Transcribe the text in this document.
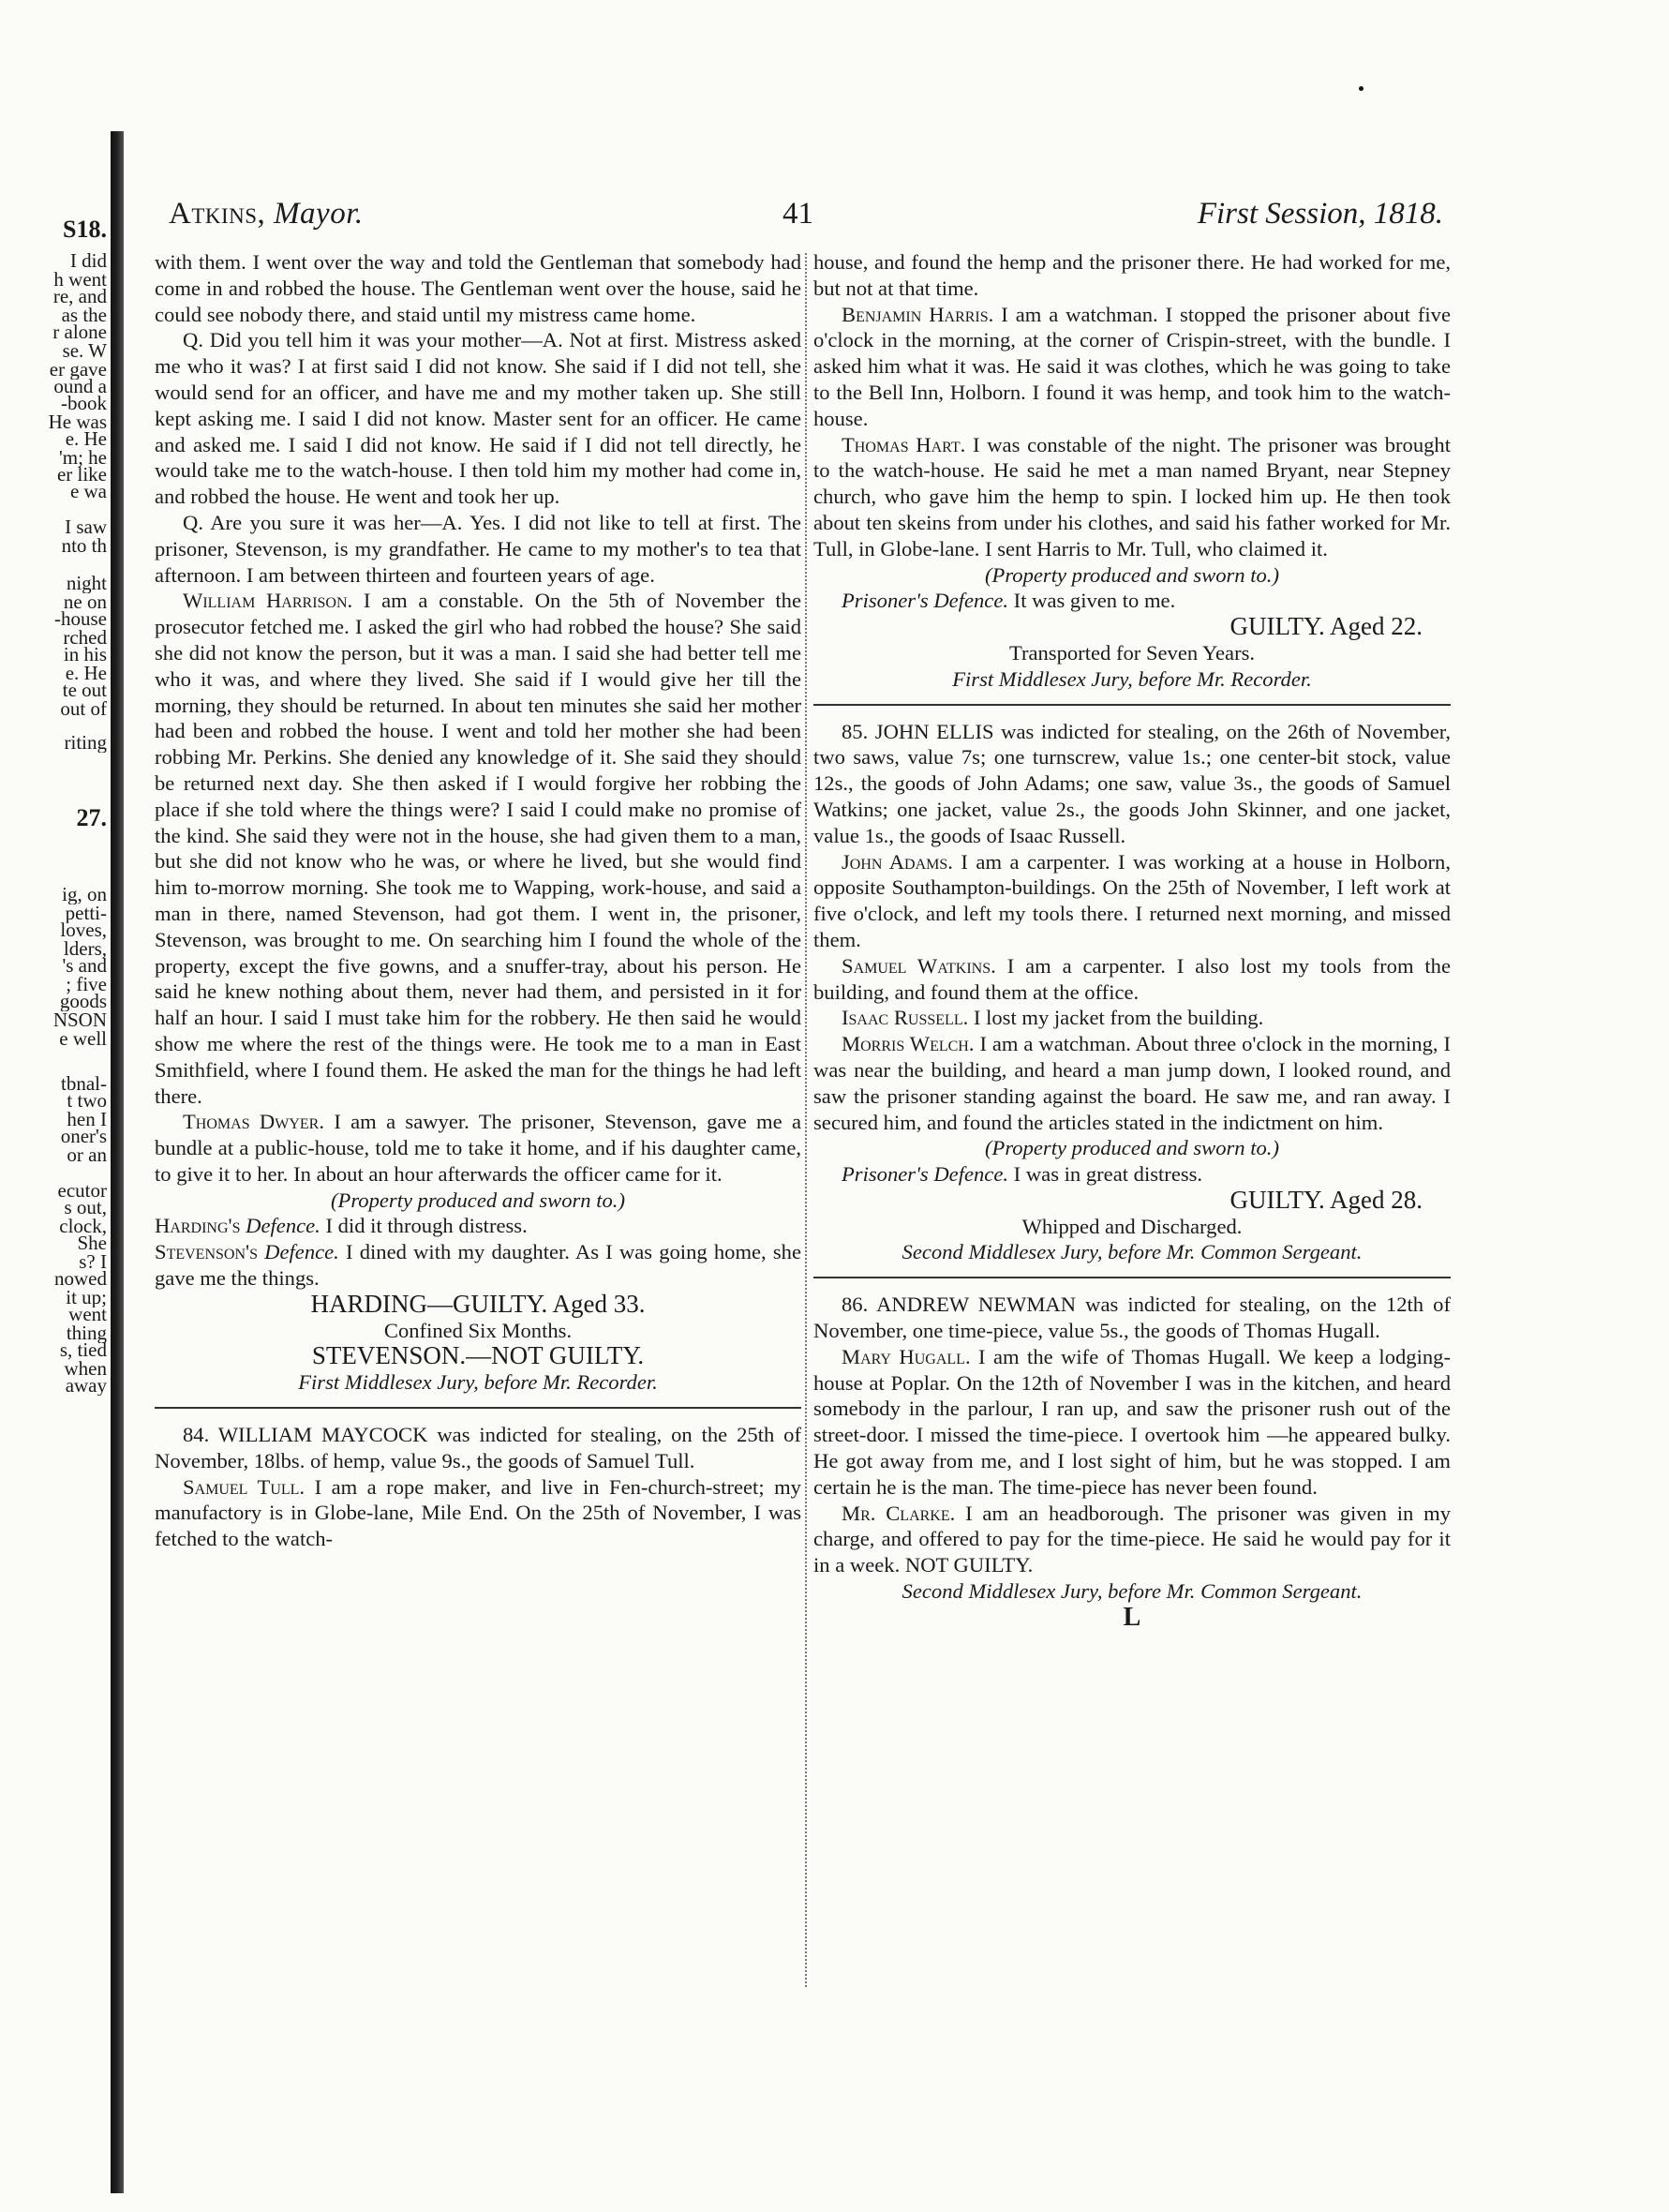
S18.
I did
h went
re, and
as the
r alone
se. W
er gave
ound a
-book
He was
e. He
'm; he
er like
e wa
I saw
nto th
night
ne on
-house
rched
in his
e. He
te out
out of
riting
27.
ig, on
petti-
loves,
lders,
's and
; five
goods
NSON
e well
tbnal-
t two
hen I
oner's
or an
ecutor
s out,
clock,
She
s? I
nowed
it up;
went
thing
s, tied
when
away
Atkins, Mayor.	41	First Session, 1818.

with them. I went over the way and told the Gentleman that somebody had come in and robbed the house. The Gentleman went over the house, said he could see nobody there, and staid until my mistress came home.

Q. Did you tell him it was your mother—A. Not at first. Mistress asked me who it was? I at first said I did not know. She said if I did not tell, she would send for an officer, and have me and my mother taken up. She still kept asking me. I said I did not know. Master sent for an officer. He came and asked me. I said I did not know. He said if I did not tell directly, he would take me to the watch-house. I then told him my mother had come in, and robbed the house. He went and took her up.

Q. Are you sure it was her—A. Yes. I did not like to tell at first. The prisoner, Stevenson, is my grandfather. He came to my mother's to tea that afternoon. I am between thirteen and fourteen years of age.

William Harrison. I am a constable. On the 5th of November the prosecutor fetched me. I asked the girl who had robbed the house? She said she did not know the person, but it was a man. I said she had better tell me who it was, and where they lived. She said if I would give her till the morning, they should be returned. In about ten minutes she said her mother had been and robbed the house. I went and told her mother she had been robbing Mr. Perkins. She denied any knowledge of it. She said they should be returned next day. She then asked if I would forgive her robbing the place if she told where the things were? I said I could make no promise of the kind. She said they were not in the house, she had given them to a man, but she did not know who he was, or where he lived, but she would find him to-morrow morning. She took me to Wapping, work-house, and said a man in there, named Stevenson, had got them. I went in, the prisoner, Stevenson, was brought to me. On searching him I found the whole of the property, except the five gowns, and a snuffer-tray, about his person. He said he knew nothing about them, never had them, and persisted in it for half an hour. I said I must take him for the robbery. He then said he would show me where the rest of the things were. He took me to a man in East Smithfield, where I found them. He asked the man for the things he had left there.

Thomas Dwyer. I am a sawyer. The prisoner, Stevenson, gave me a bundle at a public-house, told me to take it home, and if his daughter came, to give it to her. In about an hour afterwards the officer came for it.

(Property produced and sworn to.)

Harding's Defence. I did it through distress.

Stevenson's Defence. I dined with my daughter. As I was going home, she gave me the things.

HARDING—GUILTY. Aged 33.

Confined Six Months.

STEVENSON.—NOT GUILTY.

First Middlesex Jury, before Mr. Recorder.

84. WILLIAM MAYCOCK was indicted for stealing, on the 25th of November, 18lbs. of hemp, value 9s., the goods of Samuel Tull.

Samuel Tull. I am a rope maker, and live in Fen-church-street; my manufactory is in Globe-lane, Mile End. On the 25th of November, I was fetched to the watch-

house, and found the hemp and the prisoner there. He had worked for me, but not at that time.

Benjamin Harris. I am a watchman. I stopped the prisoner about five o'clock in the morning, at the corner of Crispin-street, with the bundle. I asked him what it was. He said it was clothes, which he was going to take to the Bell Inn, Holborn. I found it was hemp, and took him to the watch-house.

Thomas Hart. I was constable of the night. The prisoner was brought to the watch-house. He said he met a man named Bryant, near Stepney church, who gave him the hemp to spin. I locked him up. He then took about ten skeins from under his clothes, and said his father worked for Mr. Tull, in Globe-lane. I sent Harris to Mr. Tull, who claimed it.

(Property produced and sworn to.)

Prisoner's Defence. It was given to me.

GUILTY. Aged 22.

Transported for Seven Years.

First Middlesex Jury, before Mr. Recorder.

85. JOHN ELLIS was indicted for stealing, on the 26th of November, two saws, value 7s; one turnscrew, value 1s.; one center-bit stock, value 12s., the goods of John Adams; one saw, value 3s., the goods of Samuel Watkins; one jacket, value 2s., the goods John Skinner, and one jacket, value 1s., the goods of Isaac Russell.

John Adams. I am a carpenter. I was working at a house in Holborn, opposite Southampton-buildings. On the 25th of November, I left work at five o'clock, and left my tools there. I returned next morning, and missed them.

Samuel Watkins. I am a carpenter. I also lost my tools from the building, and found them at the office.

Isaac Russell. I lost my jacket from the building.

Morris Welch. I am a watchman. About three o'clock in the morning, I was near the building, and heard a man jump down, I looked round, and saw the prisoner standing against the board. He saw me, and ran away. I secured him, and found the articles stated in the indictment on him.

(Property produced and sworn to.)

Prisoner's Defence. I was in great distress.

GUILTY. Aged 28.

Whipped and Discharged.

Second Middlesex Jury, before Mr. Common Sergeant.

86. ANDREW NEWMAN was indicted for stealing, on the 12th of November, one time-piece, value 5s., the goods of Thomas Hugall.

Mary Hugall. I am the wife of Thomas Hugall. We keep a lodging-house at Poplar. On the 12th of November I was in the kitchen, and heard somebody in the parlour, I ran up, and saw the prisoner rush out of the street-door. I missed the time-piece. I overtook him —he appeared bulky. He got away from me, and I lost sight of him, but he was stopped. I am certain he is the man. The time-piece has never been found.

Mr. Clarke. I am an headborough. The prisoner was given in my charge, and offered to pay for the time-piece. He said he would pay for it in a week. NOT GUILTY.

Second Middlesex Jury, before Mr. Common Sergeant.

L
